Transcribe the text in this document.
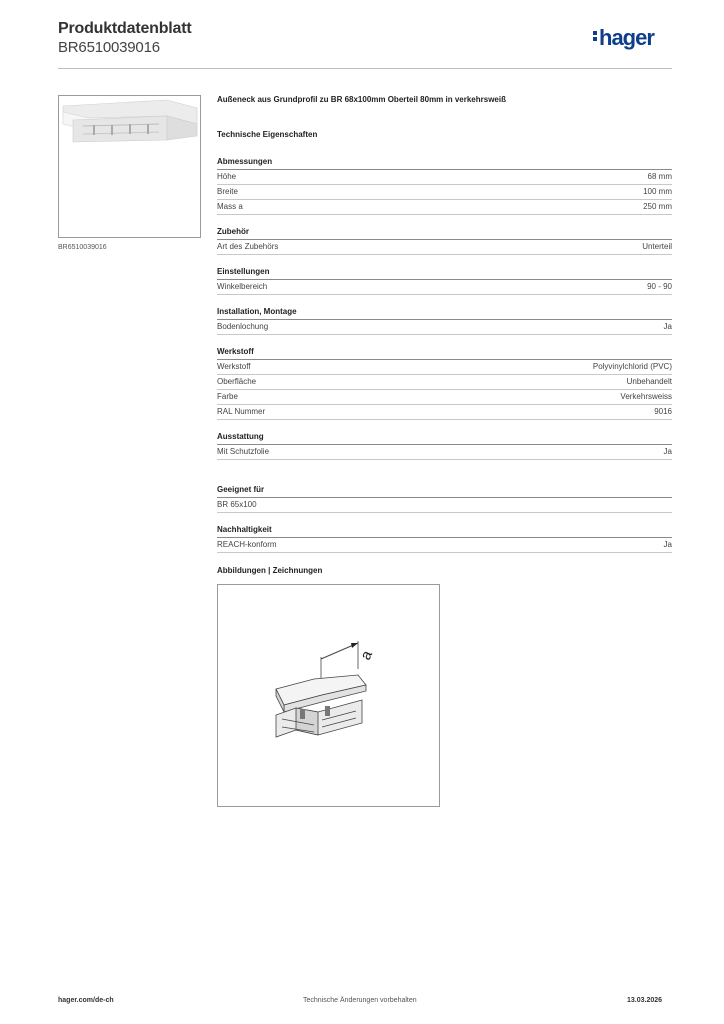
Produktdatenblatt
BR6510039016	hager
BR6510039016
Außeneck aus Grundprofil zu BR 68x100mm Oberteil 80mm in verkehrsweiß
Technische Eigenschaften
Abmessungen
Höhe	68 mm
Breite	100 mm
Mass a	250 mm
Zubehör
Art des Zubehörs	Unterteil
Einstellungen
Winkelbereich	90 - 90
Installation, Montage
Bodenlochung	Ja
Werkstoff
Werkstoff	Polyvinylchlorid (PVC)
Oberfläche	Unbehandelt
Farbe	Verkehrsweiss
RAL Nummer	9016
Ausstattung
Mit Schutzfolie	Ja
Geeignet für
BR 65x100
Nachhaltigkeit
REACH-konform	Ja
Abbildungen | Zeichnungen
a
hager.com/de-ch	Technische Änderungen vorbehalten	13.03.2026
